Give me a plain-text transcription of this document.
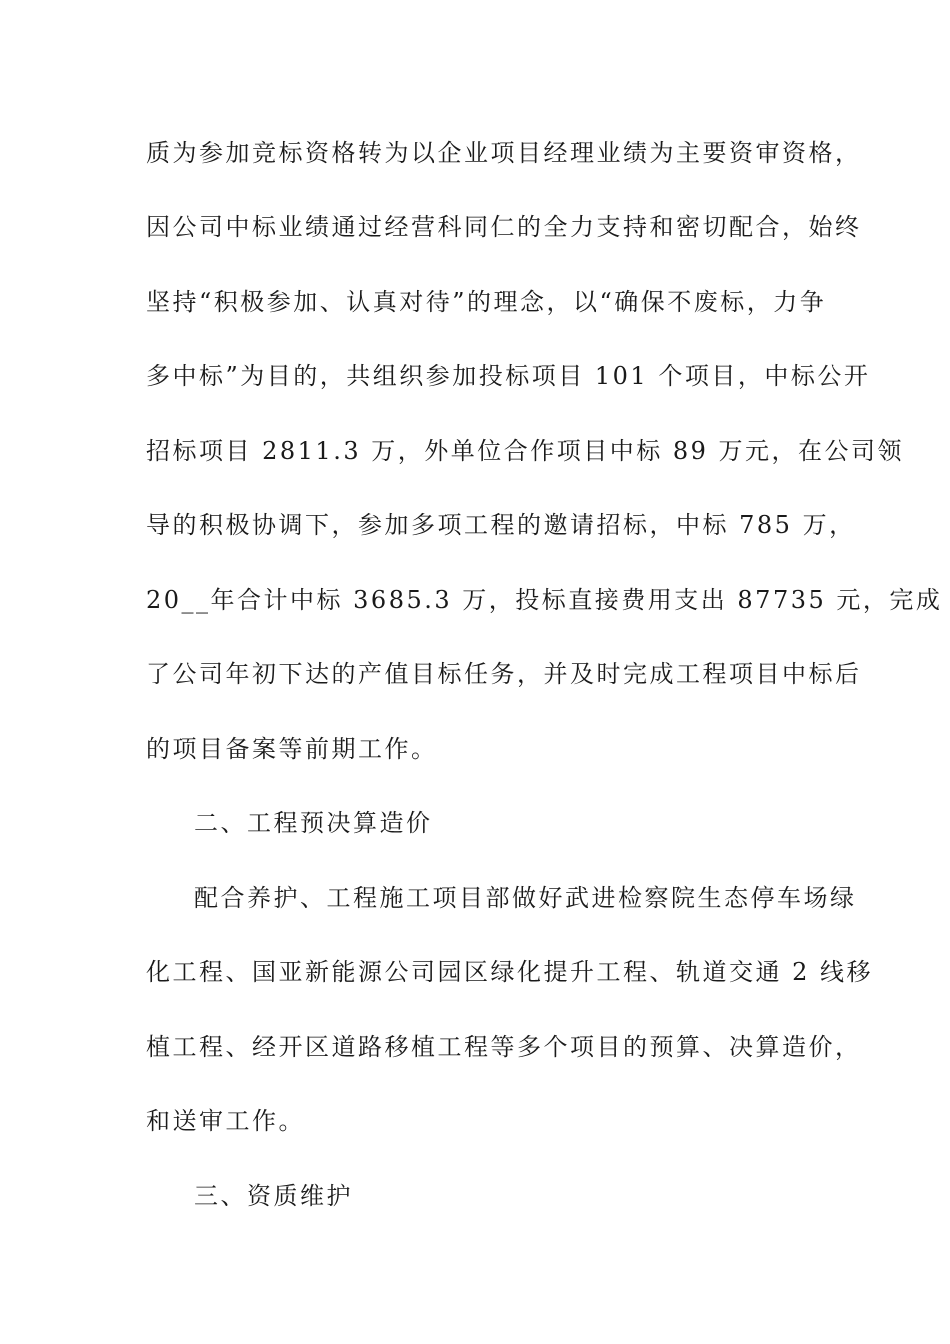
质为参加竞标资格转为以企业项目经理业绩为主要资审资格，
因公司中标业绩通过经营科同仁的全力支持和密切配合，始终
坚持“积极参加、认真对待”的理念，以“确保不废标，力争
多中标”为目的，共组织参加投标项目 101 个项目，中标公开
招标项目 2811.3 万，外单位合作项目中标 89 万元，在公司领
导的积极协调下，参加多项工程的邀请招标，中标 785 万，
20__年合计中标 3685.3 万，投标直接费用支出 87735 元，完成
了公司年初下达的产值目标任务，并及时完成工程项目中标后
的项目备案等前期工作。
二、工程预决算造价
配合养护、工程施工项目部做好武进检察院生态停车场绿
化工程、国亚新能源公司园区绿化提升工程、轨道交通 2 线移
植工程、经开区道路移植工程等多个项目的预算、决算造价，
和送审工作。
三、资质维护
